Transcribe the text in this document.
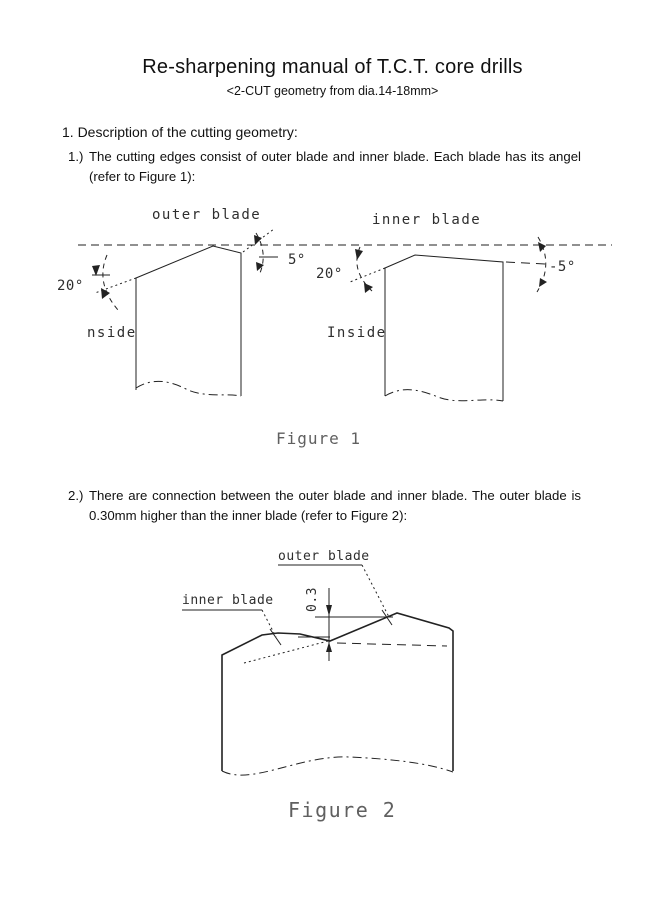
Re-sharpening manual of T.C.T. core drills
<2-CUT geometry from dia.14-18mm>
1. Description of the cutting geometry:
1.) The cutting edges consist of outer blade and inner blade. Each blade has its angel (refer to Figure 1):
20°
5°
20°	-5°
outer blade	inner blade
nside	Inside
Figure 1
2.) There are connection between the outer blade and inner blade. The outer blade is 0.30mm higher than the inner blade (refer to Figure 2):
0.3
outer blade
inner blade
Figure 2
